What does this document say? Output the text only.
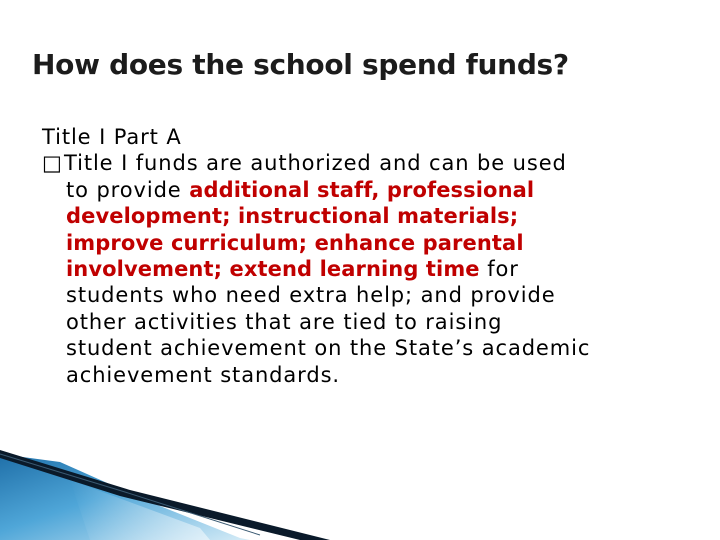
How does the school spend funds?
Title I Part A
□Title I funds are authorized and can be used
to provide additional staff, professional
development; instructional materials;
improve curriculum; enhance parental
involvement; extend learning time for
students who need extra help; and provide
other activities that are tied to raising
student achievement on the State’s academic
achievement standards.
